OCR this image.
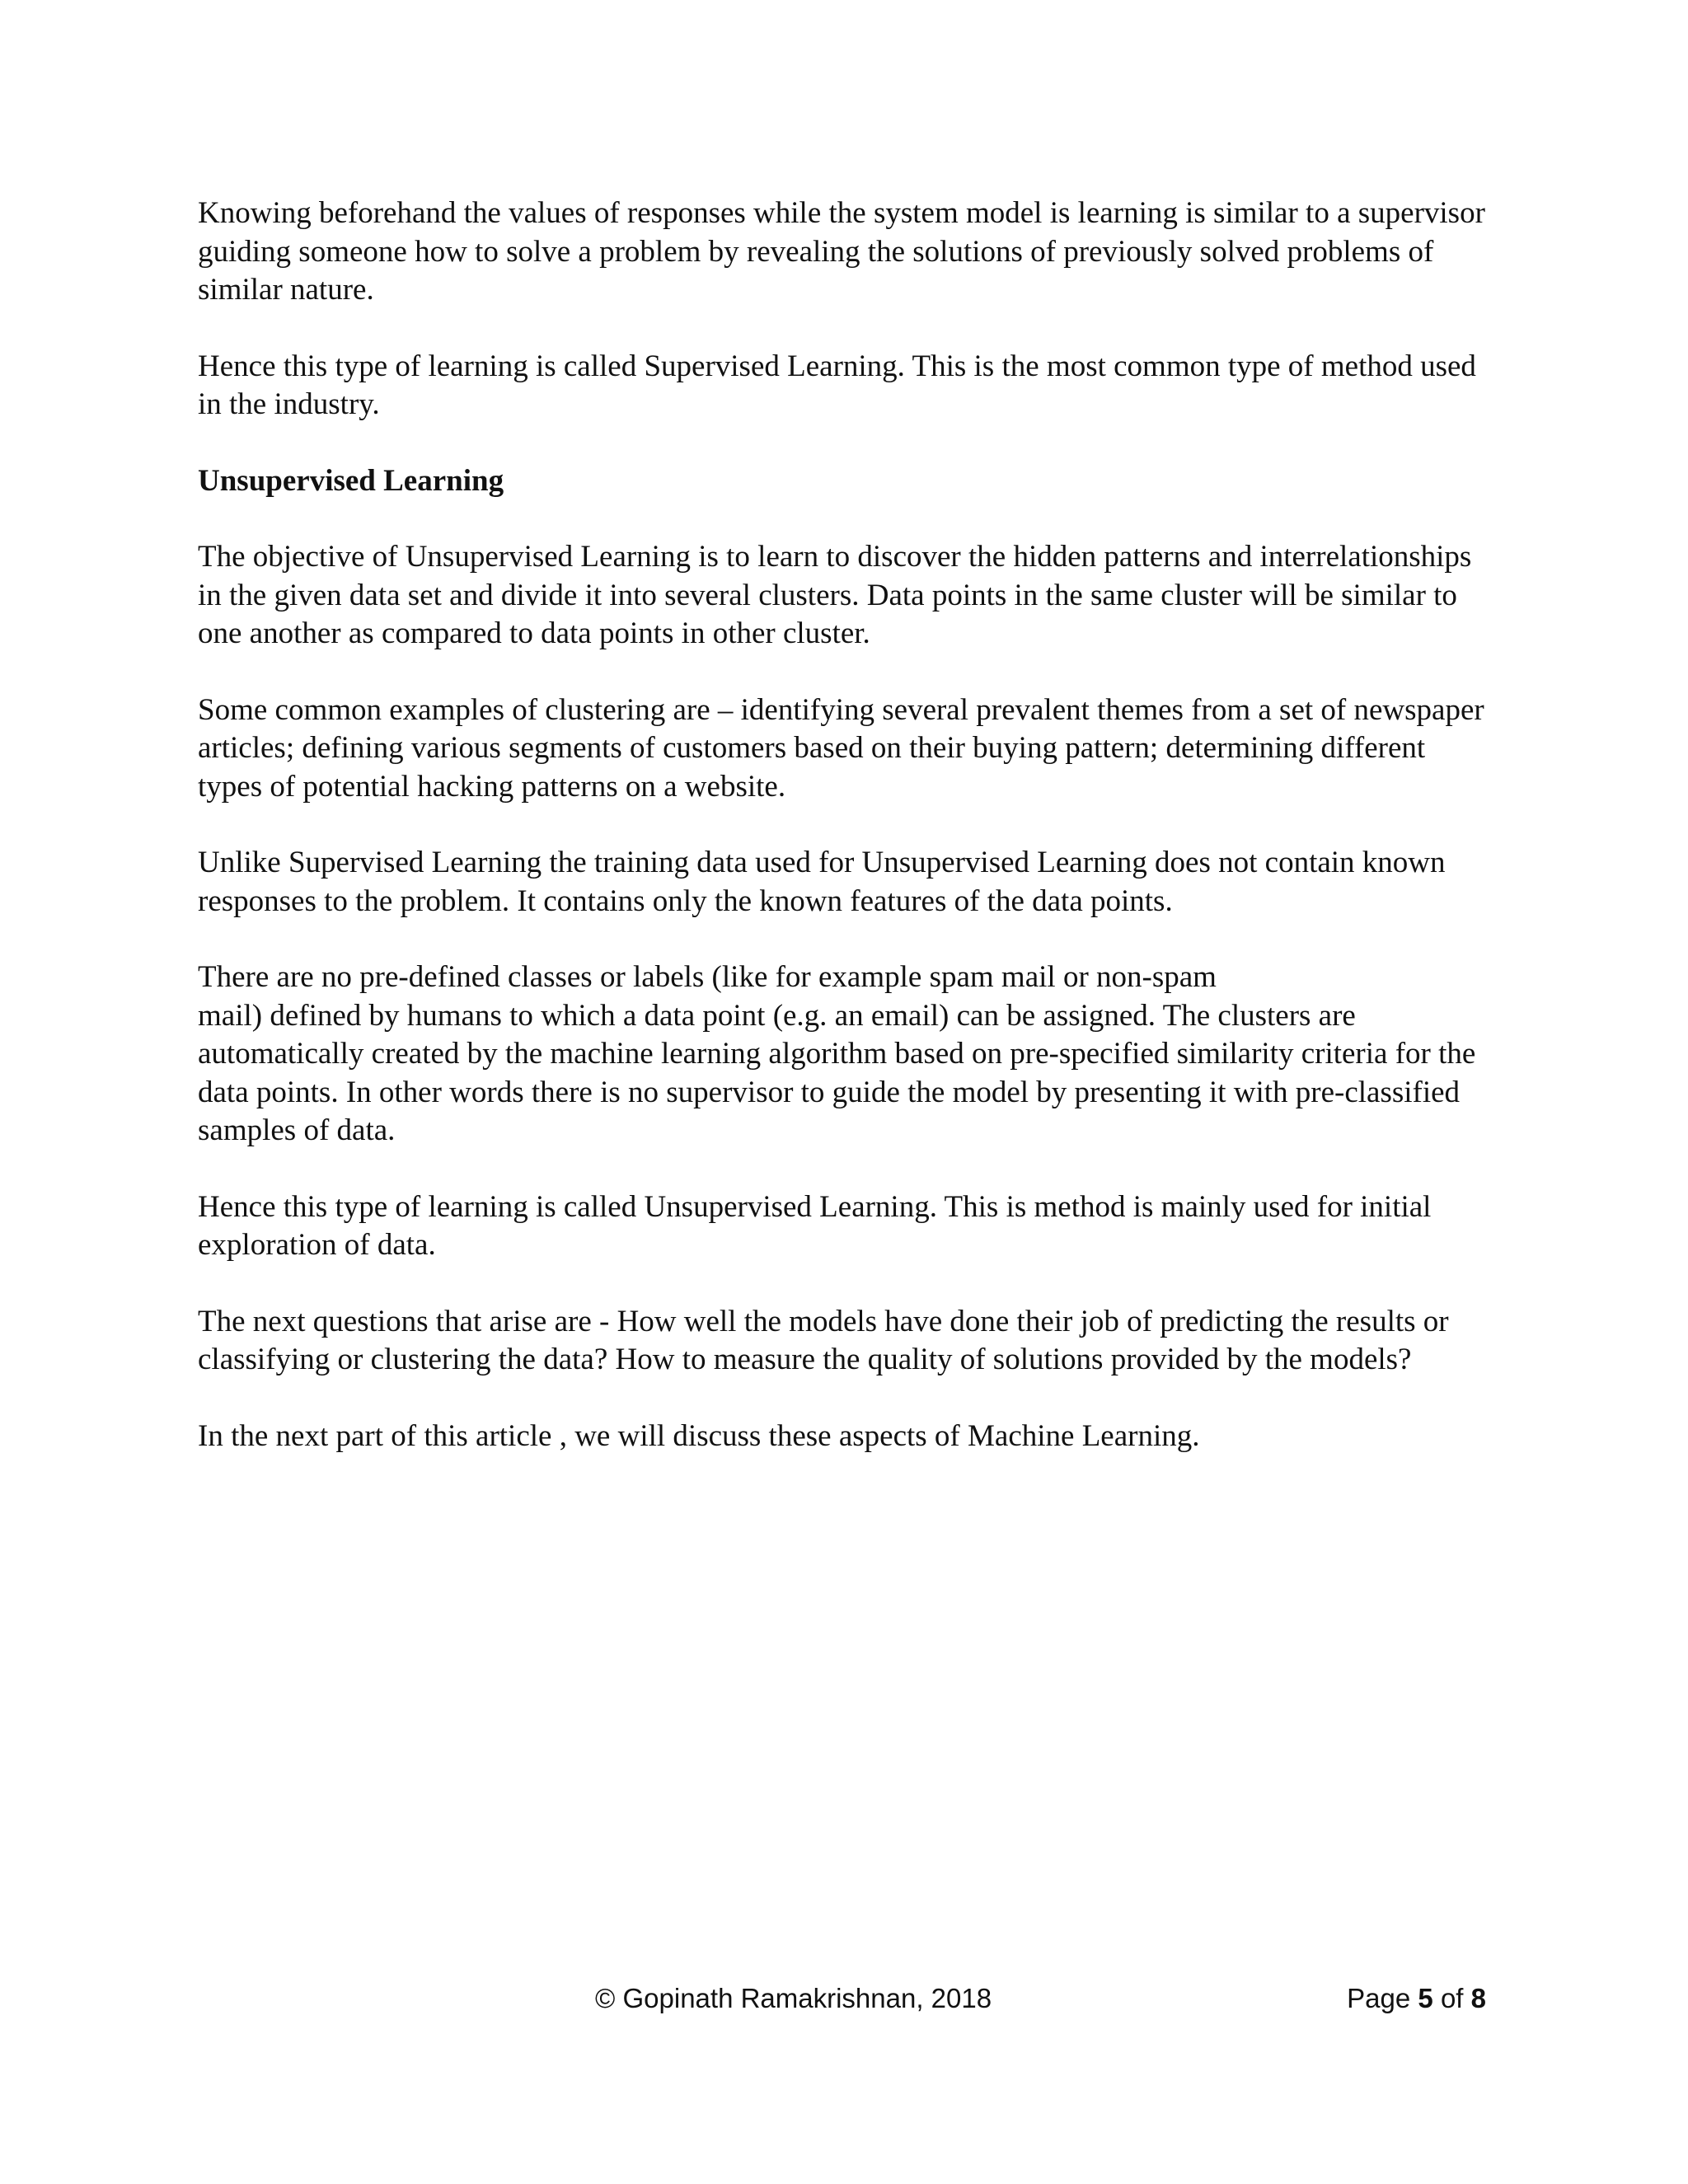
Knowing beforehand the values of responses while the system model is learning is similar to a supervisor guiding someone how to solve a problem by revealing the solutions of previously solved problems of similar nature.

Hence this type of learning is called Supervised Learning. This is the most common type of method used in the industry.

Unsupervised Learning

The objective of Unsupervised Learning is to learn to discover the hidden patterns and interrelationships in the given data set and divide it into several clusters. Data points in the same cluster will be similar to one another as compared to data points in other cluster.

Some common examples of clustering are – identifying several prevalent themes from a set of newspaper articles; defining various segments of customers based on their buying pattern; determining different types of potential hacking patterns on a website.

Unlike Supervised Learning the training data used for Unsupervised Learning does not contain known responses to the problem. It contains only the known features of the data points.

There are no pre-defined classes or labels (like for example spam mail or non-spam
mail) defined by humans to which a data point (e.g. an email) can be assigned. The clusters are automatically created by the machine learning algorithm based on pre-specified similarity criteria for the data points. In other words there is no supervisor to guide the model by presenting it with pre-classified samples of data.

Hence this type of learning is called Unsupervised Learning. This is method is mainly used for initial exploration of data.

The next questions that arise are - How well the models have done their job of predicting the results or classifying or clustering the data? How to measure the quality of solutions provided by the models?

In the next part of this article , we will discuss these aspects of Machine Learning.

© Gopinath Ramakrishnan, 2018	Page 5 of 8
